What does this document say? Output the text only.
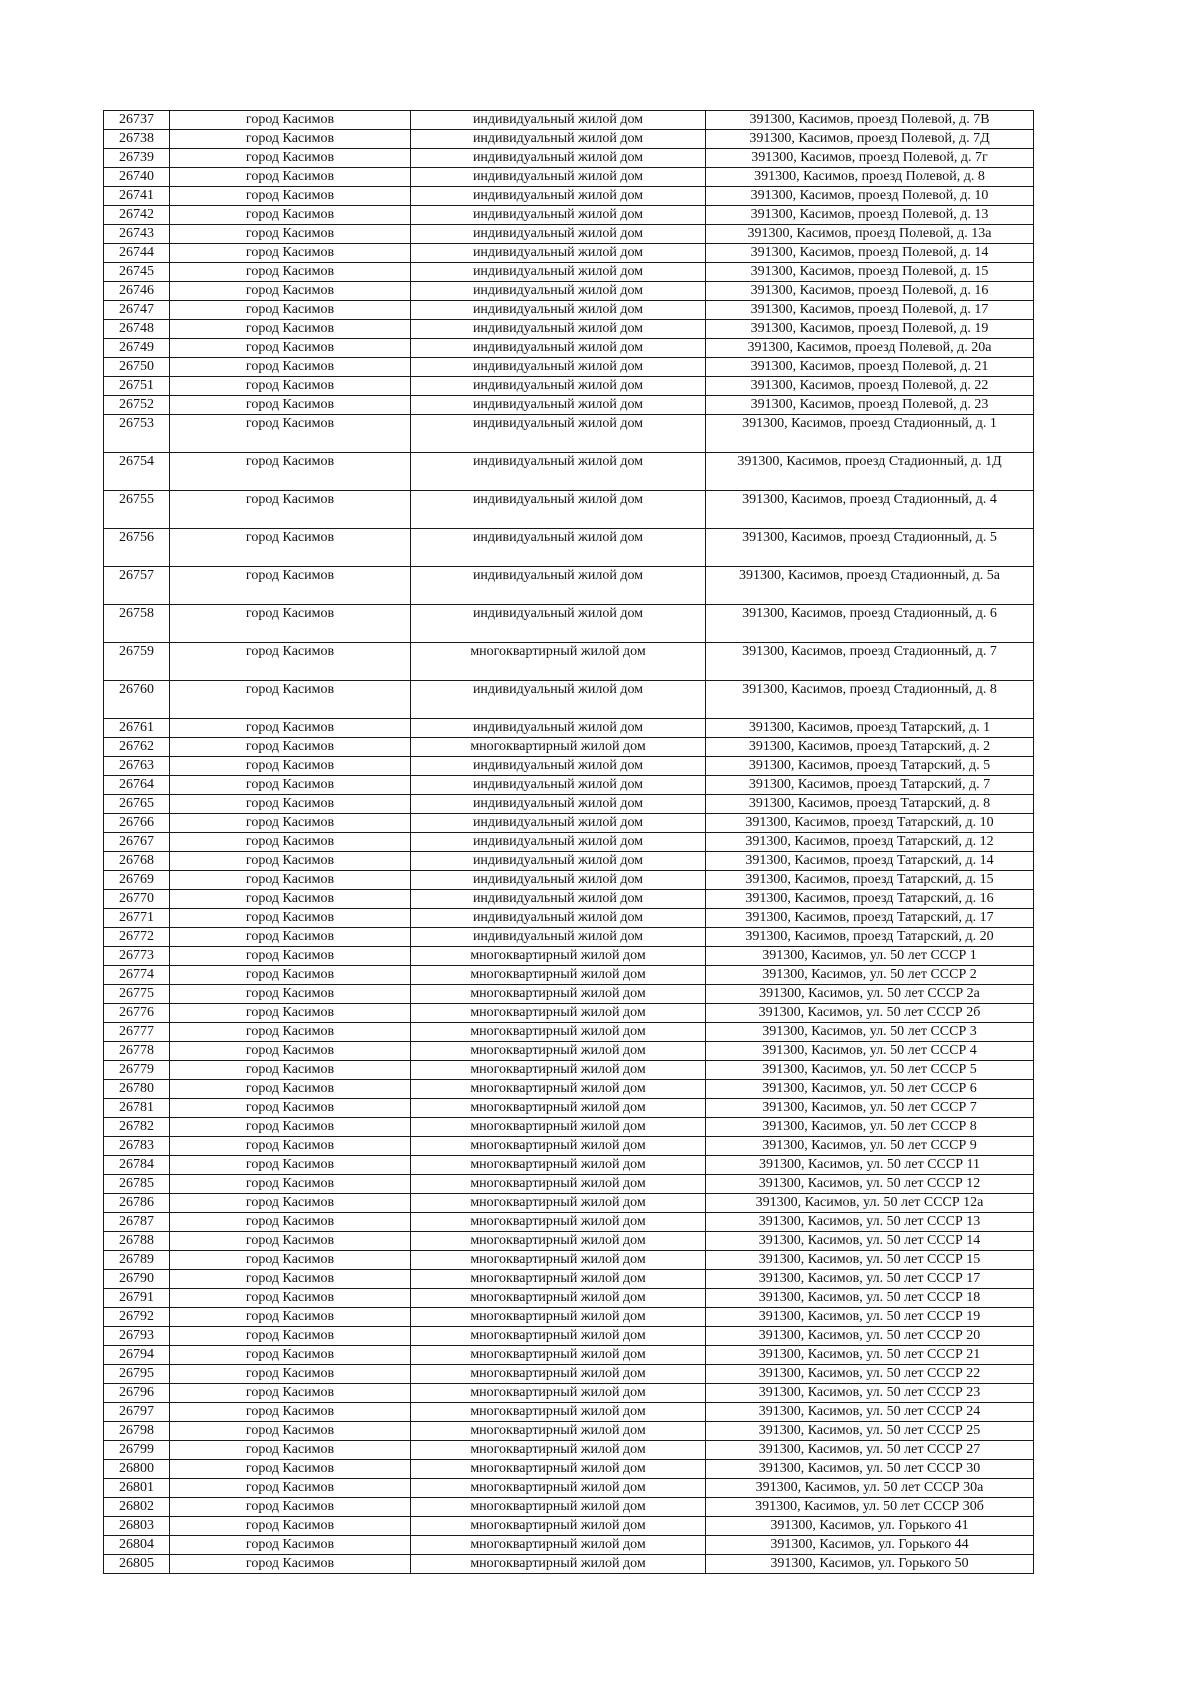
26737	город Касимов	индивидуальный жилой дом	391300, Касимов, проезд Полевой, д. 7В
26738	город Касимов	индивидуальный жилой дом	391300, Касимов, проезд Полевой, д. 7Д
26739	город Касимов	индивидуальный жилой дом	391300, Касимов, проезд Полевой, д. 7г
26740	город Касимов	индивидуальный жилой дом	391300, Касимов, проезд Полевой, д. 8
26741	город Касимов	индивидуальный жилой дом	391300, Касимов, проезд Полевой, д. 10
26742	город Касимов	индивидуальный жилой дом	391300, Касимов, проезд Полевой, д. 13
26743	город Касимов	индивидуальный жилой дом	391300, Касимов, проезд Полевой, д. 13а
26744	город Касимов	индивидуальный жилой дом	391300, Касимов, проезд Полевой, д. 14
26745	город Касимов	индивидуальный жилой дом	391300, Касимов, проезд Полевой, д. 15
26746	город Касимов	индивидуальный жилой дом	391300, Касимов, проезд Полевой, д. 16
26747	город Касимов	индивидуальный жилой дом	391300, Касимов, проезд Полевой, д. 17
26748	город Касимов	индивидуальный жилой дом	391300, Касимов, проезд Полевой, д. 19
26749	город Касимов	индивидуальный жилой дом	391300, Касимов, проезд Полевой, д. 20а
26750	город Касимов	индивидуальный жилой дом	391300, Касимов, проезд Полевой, д. 21
26751	город Касимов	индивидуальный жилой дом	391300, Касимов, проезд Полевой, д. 22
26752	город Касимов	индивидуальный жилой дом	391300, Касимов, проезд Полевой, д. 23
26753	город Касимов	индивидуальный жилой дом	391300, Касимов, проезд Стадионный, д. 1
26754	город Касимов	индивидуальный жилой дом	391300, Касимов, проезд Стадионный, д. 1Д
26755	город Касимов	индивидуальный жилой дом	391300, Касимов, проезд Стадионный, д. 4
26756	город Касимов	индивидуальный жилой дом	391300, Касимов, проезд Стадионный, д. 5
26757	город Касимов	индивидуальный жилой дом	391300, Касимов, проезд Стадионный, д. 5а
26758	город Касимов	индивидуальный жилой дом	391300, Касимов, проезд Стадионный, д. 6
26759	город Касимов	многоквартирный жилой дом	391300, Касимов, проезд Стадионный, д. 7
26760	город Касимов	индивидуальный жилой дом	391300, Касимов, проезд Стадионный, д. 8
26761	город Касимов	индивидуальный жилой дом	391300, Касимов, проезд Татарский, д. 1
26762	город Касимов	многоквартирный жилой дом	391300, Касимов, проезд Татарский, д. 2
26763	город Касимов	индивидуальный жилой дом	391300, Касимов, проезд Татарский, д. 5
26764	город Касимов	индивидуальный жилой дом	391300, Касимов, проезд Татарский, д. 7
26765	город Касимов	индивидуальный жилой дом	391300, Касимов, проезд Татарский, д. 8
26766	город Касимов	индивидуальный жилой дом	391300, Касимов, проезд Татарский, д. 10
26767	город Касимов	индивидуальный жилой дом	391300, Касимов, проезд Татарский, д. 12
26768	город Касимов	индивидуальный жилой дом	391300, Касимов, проезд Татарский, д. 14
26769	город Касимов	индивидуальный жилой дом	391300, Касимов, проезд Татарский, д. 15
26770	город Касимов	индивидуальный жилой дом	391300, Касимов, проезд Татарский, д. 16
26771	город Касимов	индивидуальный жилой дом	391300, Касимов, проезд Татарский, д. 17
26772	город Касимов	индивидуальный жилой дом	391300, Касимов, проезд Татарский, д. 20
26773	город Касимов	многоквартирный жилой дом	391300, Касимов, ул. 50 лет СССР 1
26774	город Касимов	многоквартирный жилой дом	391300, Касимов, ул. 50 лет СССР 2
26775	город Касимов	многоквартирный жилой дом	391300, Касимов, ул. 50 лет СССР 2а
26776	город Касимов	многоквартирный жилой дом	391300, Касимов, ул. 50 лет СССР 2б
26777	город Касимов	многоквартирный жилой дом	391300, Касимов, ул. 50 лет СССР 3
26778	город Касимов	многоквартирный жилой дом	391300, Касимов, ул. 50 лет СССР 4
26779	город Касимов	многоквартирный жилой дом	391300, Касимов, ул. 50 лет СССР 5
26780	город Касимов	многоквартирный жилой дом	391300, Касимов, ул. 50 лет СССР 6
26781	город Касимов	многоквартирный жилой дом	391300, Касимов, ул. 50 лет СССР 7
26782	город Касимов	многоквартирный жилой дом	391300, Касимов, ул. 50 лет СССР 8
26783	город Касимов	многоквартирный жилой дом	391300, Касимов, ул. 50 лет СССР 9
26784	город Касимов	многоквартирный жилой дом	391300, Касимов, ул. 50 лет СССР 11
26785	город Касимов	многоквартирный жилой дом	391300, Касимов, ул. 50 лет СССР 12
26786	город Касимов	многоквартирный жилой дом	391300, Касимов, ул. 50 лет СССР 12а
26787	город Касимов	многоквартирный жилой дом	391300, Касимов, ул. 50 лет СССР 13
26788	город Касимов	многоквартирный жилой дом	391300, Касимов, ул. 50 лет СССР 14
26789	город Касимов	многоквартирный жилой дом	391300, Касимов, ул. 50 лет СССР 15
26790	город Касимов	многоквартирный жилой дом	391300, Касимов, ул. 50 лет СССР 17
26791	город Касимов	многоквартирный жилой дом	391300, Касимов, ул. 50 лет СССР 18
26792	город Касимов	многоквартирный жилой дом	391300, Касимов, ул. 50 лет СССР 19
26793	город Касимов	многоквартирный жилой дом	391300, Касимов, ул. 50 лет СССР 20
26794	город Касимов	многоквартирный жилой дом	391300, Касимов, ул. 50 лет СССР 21
26795	город Касимов	многоквартирный жилой дом	391300, Касимов, ул. 50 лет СССР 22
26796	город Касимов	многоквартирный жилой дом	391300, Касимов, ул. 50 лет СССР 23
26797	город Касимов	многоквартирный жилой дом	391300, Касимов, ул. 50 лет СССР 24
26798	город Касимов	многоквартирный жилой дом	391300, Касимов, ул. 50 лет СССР 25
26799	город Касимов	многоквартирный жилой дом	391300, Касимов, ул. 50 лет СССР 27
26800	город Касимов	многоквартирный жилой дом	391300, Касимов, ул. 50 лет СССР 30
26801	город Касимов	многоквартирный жилой дом	391300, Касимов, ул. 50 лет СССР 30а
26802	город Касимов	многоквартирный жилой дом	391300, Касимов, ул. 50 лет СССР 30б
26803	город Касимов	многоквартирный жилой дом	391300, Касимов, ул. Горького 41
26804	город Касимов	многоквартирный жилой дом	391300, Касимов, ул. Горького 44
26805	город Касимов	многоквартирный жилой дом	391300, Касимов, ул. Горького 50
